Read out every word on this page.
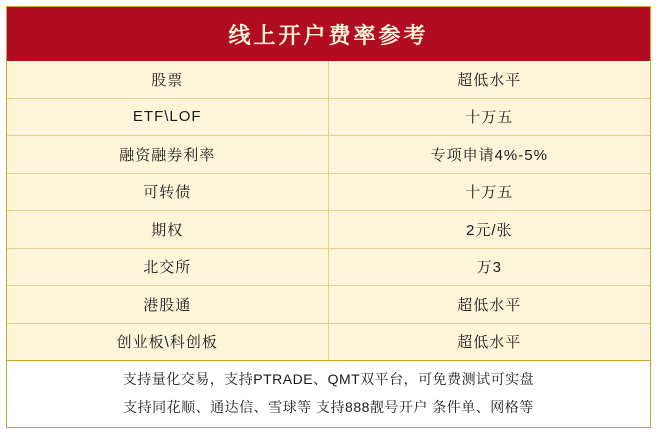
线上开户费率参考
股票	超低水平
ETF\LOF	十万五
融资融券利率	专项申请4%-5%
可转债	十万五
期权	2元/张
北交所	万3
港股通	超低水平
创业板\科创板	超低水平
支持量化交易，支持PTRADE、QMT双平台，可免费测试可实盘
支持同花顺、通达信、雪球等 支持888靓号开户 条件单、网格等
